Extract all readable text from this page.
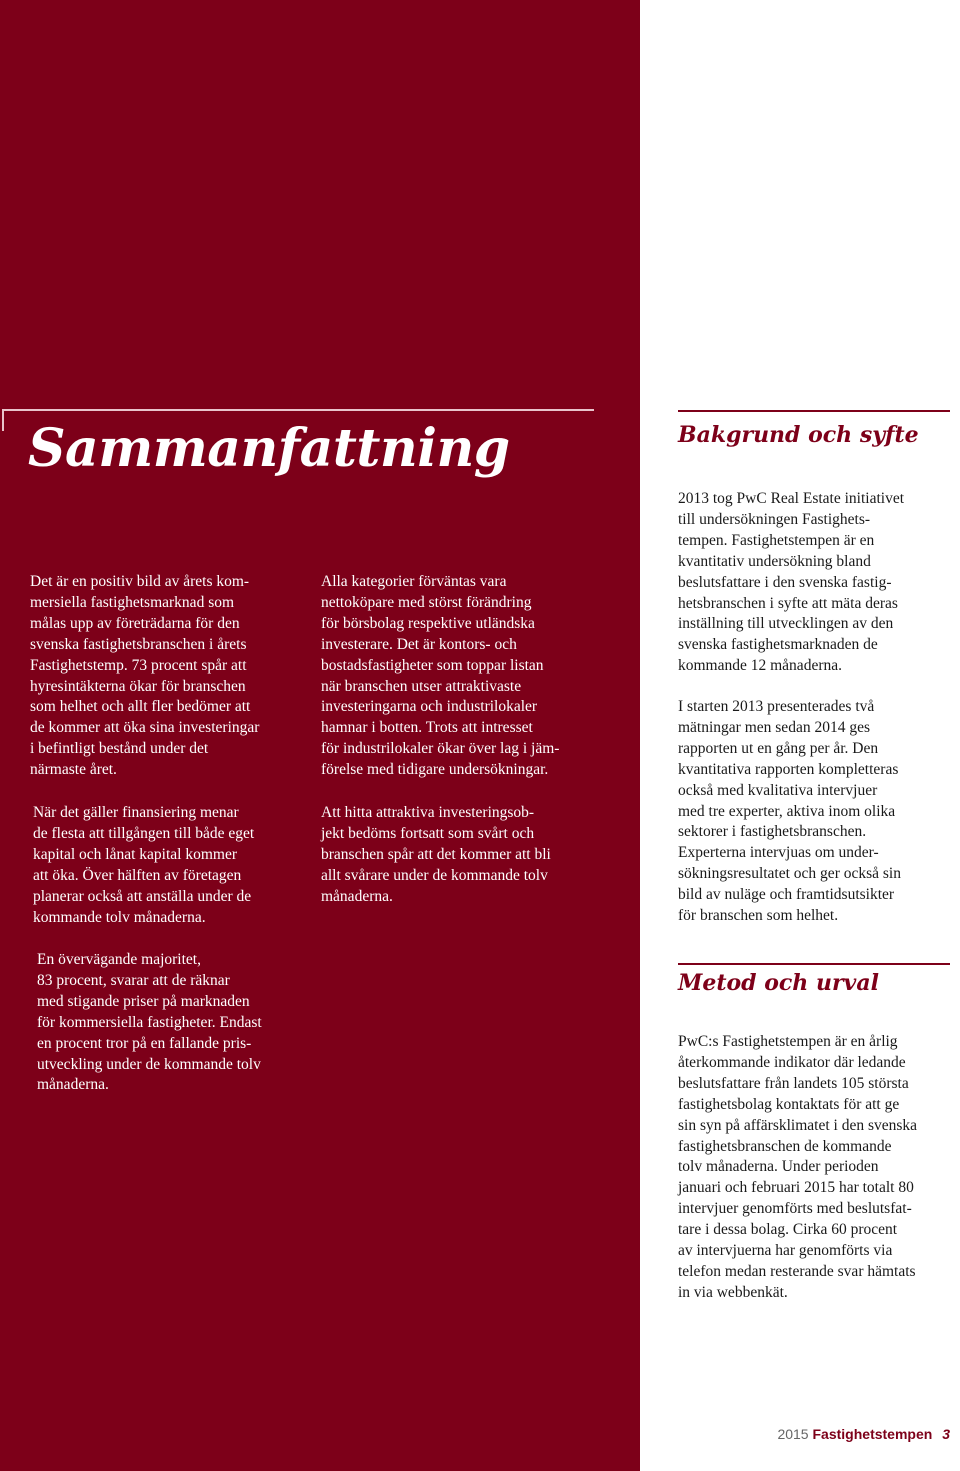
Sammanfattning

Det är en positiv bild av årets kom-
mersiella fastighetsmarknad som
målas upp av företrädarna för den
svenska fastighetsbranschen i årets
Fastighetstemp. 73 procent spår att
hyresintäkterna ökar för branschen
som helhet och allt fler bedömer att
de kommer att öka sina investeringar
i befintligt bestånd under det
närmaste året.

När det gäller finansiering menar
de flesta att tillgången till både eget
kapital och lånat kapital kommer
att öka. Över hälften av företagen
planerar också att anställa under de
kommande tolv månaderna.

En övervägande majoritet,
83 procent, svarar att de räknar
med stigande priser på marknaden
för kommersiella fastigheter. Endast
en procent tror på en fallande pris-
utveckling under de kommande tolv
månaderna.

Alla kategorier förväntas vara
nettoköpare med störst förändring
för börsbolag respektive utländska
investerare. Det är kontors- och
bostadsfastigheter som toppar listan
när branschen utser attraktivaste
investeringarna och industrilokaler
hamnar i botten. Trots att intresset
för industrilokaler ökar över lag i jäm-
förelse med tidigare undersökningar.

Att hitta attraktiva investeringsob-
jekt bedöms fortsatt som svårt och
branschen spår att det kommer att bli
allt svårare under de kommande tolv
månaderna.

Bakgrund och syfte

2013 tog PwC Real Estate initiativet
till undersökningen Fastighets-
tempen. Fastighetstempen är en
kvantitativ undersökning bland
beslutsfattare i den svenska fastig-
hetsbranschen i syfte att mäta deras
inställning till utvecklingen av den
svenska fastighetsmarknaden de
kommande 12 månaderna.

I starten 2013 presenterades två
mätningar men sedan 2014 ges
rapporten ut en gång per år. Den
kvantitativa rapporten kompletteras
också med kvalitativa intervjuer
med tre experter, aktiva inom olika
sektorer i fastighetsbranschen.
Experterna intervjuas om under-
sökningsresultatet och ger också sin
bild av nuläge och framtidsutsikter
för branschen som helhet.

Metod och urval

PwC:s Fastighetstempen är en årlig
återkommande indikator där ledande
beslutsfattare från landets 105 största
fastighetsbolag kontaktats för att ge
sin syn på affärsklimatet i den svenska
fastighetsbranschen de kommande
tolv månaderna. Under perioden
januari och februari 2015 har totalt 80
intervjuer genomförts med beslutsfat-
tare i dessa bolag. Cirka 60 procent
av intervjuerna har genomförts via
telefon medan resterande svar hämtats
in via webbenkät.

2015 Fastighetstempen 3
